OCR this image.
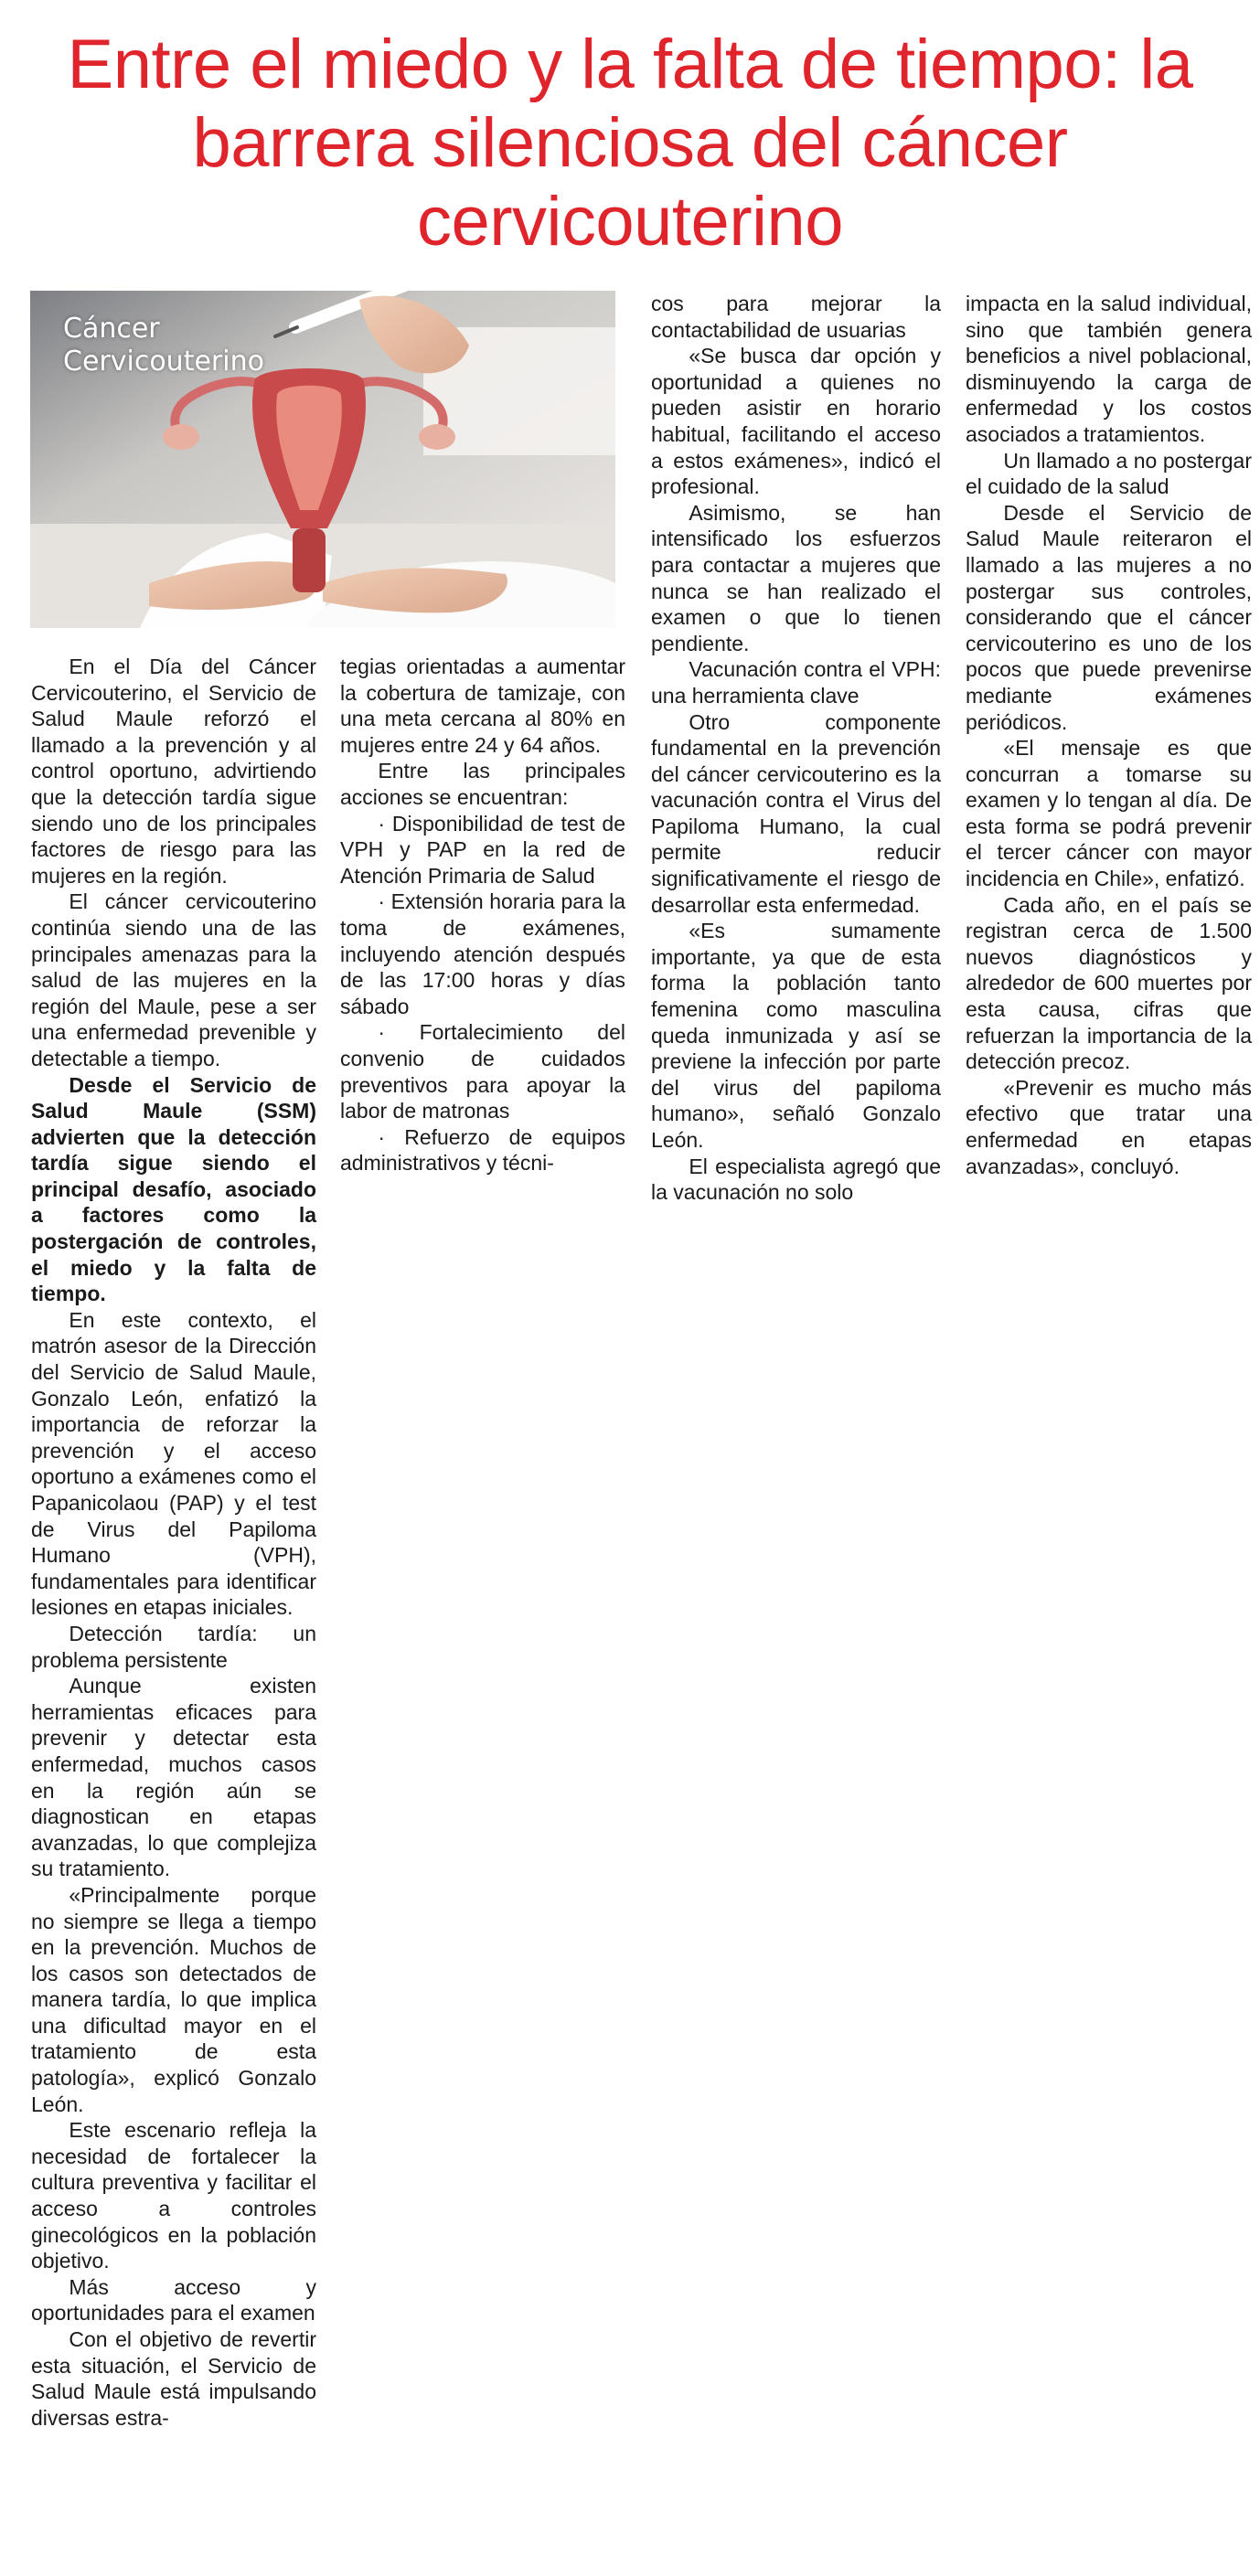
Entre el miedo y la falta de tiempo: la barrera silenciosa del cáncer cervicouterino
Cáncer
Cervicouterino

En el Día del Cáncer Cervicouterino, el Servicio de Salud Maule reforzó el llamado a la prevención y al control oportuno, advirtiendo que la detección tardía sigue siendo uno de los principales factores de riesgo para las mujeres en la región.

El cáncer cervicouterino continúa siendo una de las principales amenazas para la salud de las mujeres en la región del Maule, pese a ser una enfermedad prevenible y detectable a tiempo.

Desde el Servicio de Salud Maule (SSM) advierten que la detección tardía sigue siendo el principal desafío, asociado a factores como la postergación de controles, el miedo y la falta de tiempo.

En este contexto, el matrón asesor de la Dirección del Servicio de Salud Maule, Gonzalo León, enfatizó la importancia de reforzar la prevención y el acceso oportuno a exámenes como el Papanicolaou (PAP) y el test de Virus del Papiloma Humano (VPH), fundamentales para identificar lesiones en etapas iniciales.

Detección tardía: un problema persistente

Aunque existen herramientas eficaces para prevenir y detectar esta enfermedad, muchos casos en la región aún se diagnostican en etapas avanzadas, lo que complejiza su tratamiento.

«Principalmente porque no siempre se llega a tiempo en la prevención. Muchos de los casos son detectados de manera tardía, lo que implica una dificultad mayor en el tratamiento de esta patología», explicó Gonzalo León.

Este escenario refleja la necesidad de fortalecer la cultura preventiva y facilitar el acceso a controles ginecológicos en la población objetivo.

Más acceso y oportunidades para el examen

Con el objetivo de revertir esta situación, el Servicio de Salud Maule está impulsando diversas estra-

tegias orientadas a aumentar la cobertura de tamizaje, con una meta cercana al 80% en mujeres entre 24 y 64 años.

Entre las principales acciones se encuentran:

· Disponibilidad de test de VPH y PAP en la red de Atención Primaria de Salud

· Extensión horaria para la toma de exámenes, incluyendo atención después de las 17:00 horas y días sábado

· Fortalecimiento del convenio de cuidados preventivos para apoyar la labor de matronas

· Refuerzo de equipos administrativos y técni-

cos para mejorar la contactabilidad de usuarias

«Se busca dar opción y oportunidad a quienes no pueden asistir en horario habitual, facilitando el acceso a estos exámenes», indicó el profesional.

Asimismo, se han intensificado los esfuerzos para contactar a mujeres que nunca se han realizado el examen o que lo tienen pendiente.

Vacunación contra el VPH: una herramienta clave

Otro componente fundamental en la prevención del cáncer cervicouterino es la vacunación contra el Virus del Papiloma Humano, la cual permite reducir significativamente el riesgo de desarrollar esta enfermedad.

«Es sumamente importante, ya que de esta forma la población tanto femenina como masculina queda inmunizada y así se previene la infección por parte del virus del papiloma humano», señaló Gonzalo León.

El especialista agregó que la vacunación no solo

impacta en la salud individual, sino que también genera beneficios a nivel poblacional, disminuyendo la carga de enfermedad y los costos asociados a tratamientos.

Un llamado a no postergar el cuidado de la salud

Desde el Servicio de Salud Maule reiteraron el llamado a las mujeres a no postergar sus controles, considerando que el cáncer cervicouterino es uno de los pocos que puede prevenirse mediante exámenes periódicos.

«El mensaje es que concurran a tomarse su examen y lo tengan al día. De esta forma se podrá prevenir el tercer cáncer con mayor incidencia en Chile», enfatizó.

Cada año, en el país se registran cerca de 1.500 nuevos diagnósticos y alrededor de 600 muertes por esta causa, cifras que refuerzan la importancia de la detección precoz.

«Prevenir es mucho más efectivo que tratar una enfermedad en etapas avanzadas», concluyó.
